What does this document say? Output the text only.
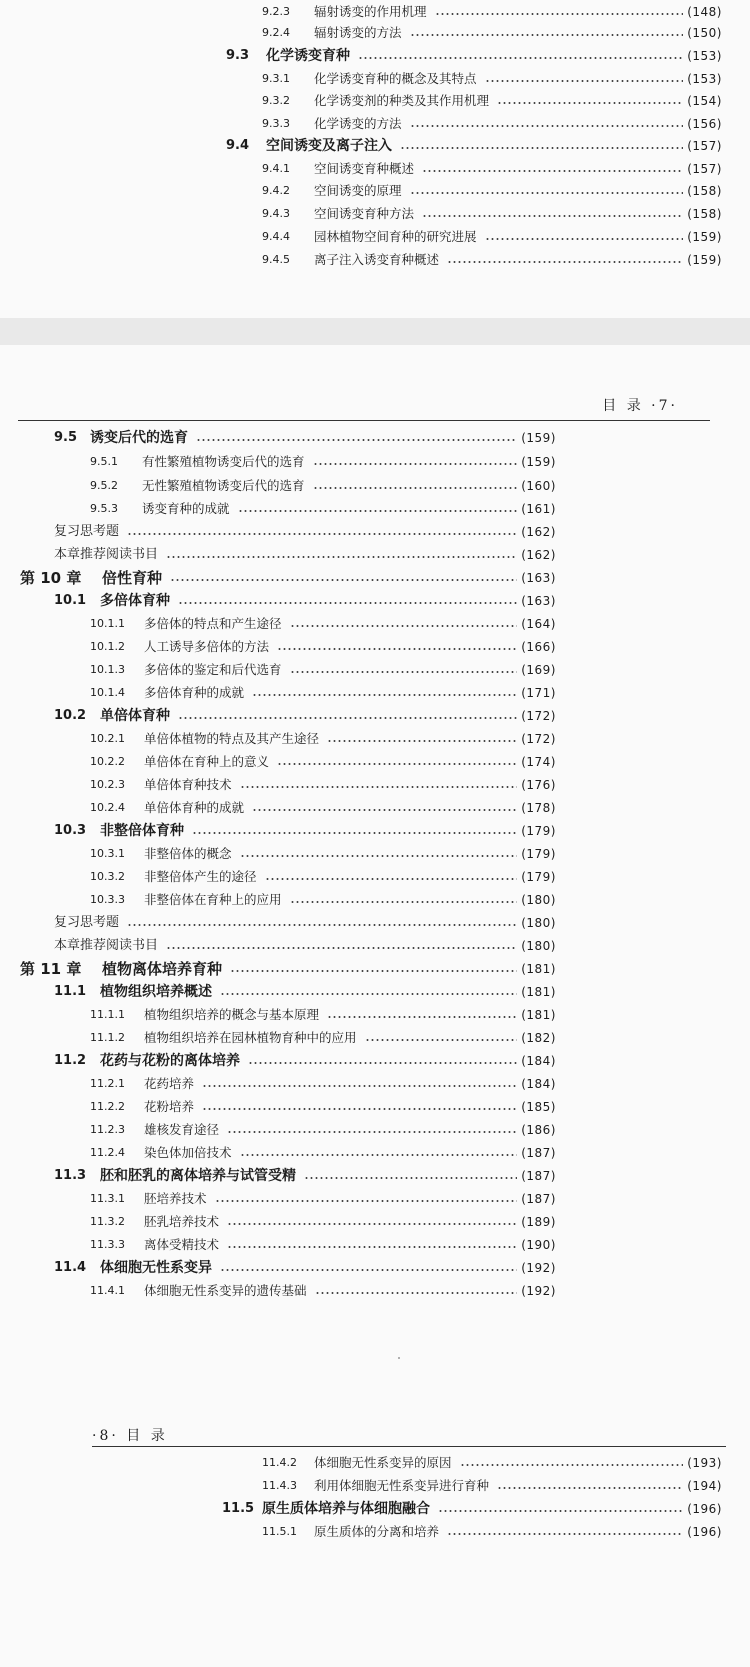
9.2.3	辐射诱变的作用机理	(148)
9.2.4	辐射诱变的方法	(150)
9.3	化学诱变育种	(153)
9.3.1	化学诱变育种的概念及其特点	(153)
9.3.2	化学诱变剂的种类及其作用机理	(154)
9.3.3	化学诱变的方法	(156)
9.4	空间诱变及离子注入	(157)
9.4.1	空间诱变育种概述	(157)
9.4.2	空间诱变的原理	(158)
9.4.3	空间诱变育种方法	(158)
9.4.4	园林植物空间育种的研究进展	(159)
9.4.5	离子注入诱变育种概述	(159)
目 录 ·7·
9.5 诱变后代的选育	(159)
9.5.1	有性繁殖植物诱变后代的选育	(159)
9.5.2	无性繁殖植物诱变后代的选育	(160)
9.5.3	诱变育种的成就	(161)
复习思考题	(162)
本章推荐阅读书目	(162)
第 10 章	倍性育种	(163)
10.1 多倍体育种	(163)
10.1.1	多倍体的特点和产生途径	(164)
10.1.2	人工诱导多倍体的方法	(166)
10.1.3	多倍体的鉴定和后代选育	(169)
10.1.4	多倍体育种的成就	(171)
10.2 单倍体育种	(172)
10.2.1	单倍体植物的特点及其产生途径	(172)
10.2.2	单倍体在育种上的意义	(174)
10.2.3	单倍体育种技术	(176)
10.2.4	单倍体育种的成就	(178)
10.3 非整倍体育种	(179)
10.3.1	非整倍体的概念	(179)
10.3.2	非整倍体产生的途径	(179)
10.3.3	非整倍体在育种上的应用	(180)
复习思考题	(180)
本章推荐阅读书目	(180)
第 11 章	植物离体培养育种	(181)
11.1 植物组织培养概述	(181)
11.1.1	植物组织培养的概念与基本原理	(181)
11.1.2	植物组织培养在园林植物育种中的应用	(182)
11.2 花药与花粉的离体培养	(184)
11.2.1	花药培养	(184)
11.2.2	花粉培养	(185)
11.2.3	雄核发育途径	(186)
11.2.4	染色体加倍技术	(187)
11.3 胚和胚乳的离体培养与试管受精	(187)
11.3.1	胚培养技术	(187)
11.3.2	胚乳培养技术	(189)
11.3.3	离体受精技术	(190)
11.4 体细胞无性系变异	(192)
11.4.1	体细胞无性系变异的遗传基础	(192)
·8· 目 录
11.4.2	体细胞无性系变异的原因	(193)
11.4.3	利用体细胞无性系变异进行育种	(194)
11.5 原生质体培养与体细胞融合	(196)
11.5.1	原生质体的分离和培养	(196)
